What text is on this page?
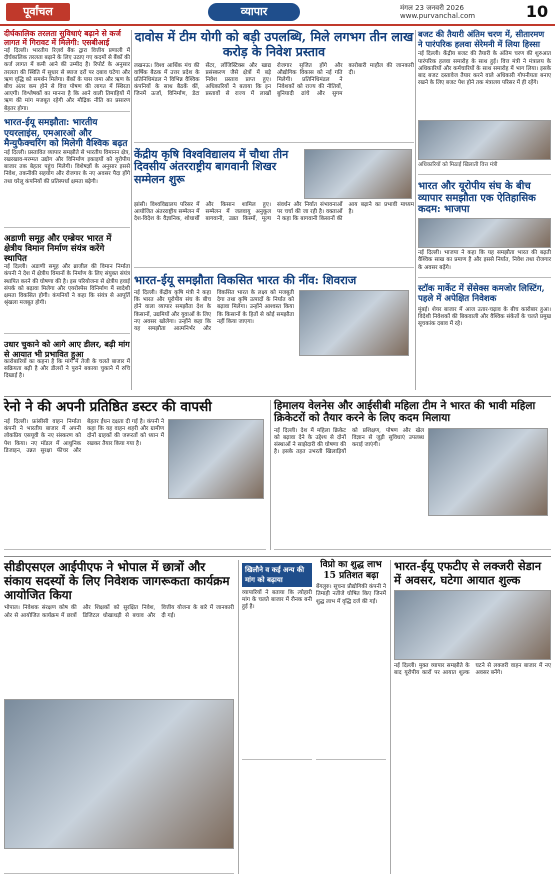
पूर्वांचल	व्यापार	मंगल 23 जनवरी 2026
www.purvanchal.com	10
दीर्घकालिक तरलता सुविधाएं बढ़ाने से कर्ज लागत में गिरावट में मिलेगी: एसबीआई
नई दिल्ली। भारतीय रिज़र्व बैंक द्वारा वित्तीय प्रणाली में दीर्घकालिक तरलता बढ़ाने के लिए उठाए गए कदमों से बैंकों की कर्ज लागत में कमी आने की उम्मीद है। रिपोर्ट के अनुसार तरलता की स्थिति में सुधार से ब्याज दरों पर दबाव घटेगा और ऋण वृद्धि को समर्थन मिलेगा। बैंकों के पास जमा और ऋण के बीच अंतर कम होने से वित्त पोषण की लागत में स्थिरता आएगी। विश्लेषकों का मानना है कि आने वाली तिमाहियों में ऋण की मांग मजबूत रहेगी और मौद्रिक नीति का प्रसारण बेहतर होगा।
भारत-ईयू समझौता: भारतीय एयरलाइंस, एमआरओ और मैन्युफैक्चरिंग को मिलेगी वैश्विक बढ़त
नई दिल्ली। प्रस्तावित व्यापार समझौते से भारतीय विमानन क्षेत्र, रखरखाव-मरम्मत उद्योग और विनिर्माण इकाइयों को यूरोपीय बाजार तक बेहतर पहुंच मिलेगी। विशेषज्ञों के अनुसार इससे निवेश, तकनीकी सहयोग और रोजगार के नए अवसर पैदा होंगे तथा घरेलू कंपनियों की प्रतिस्पर्धा क्षमता बढ़ेगी।
अडाणी समूह और एम्ब्रेयर भारत में क्षेत्रीय विमान निर्माण संयंत्र करेंगे स्थापित
नई दिल्ली। अडाणी समूह और ब्राजील की विमान निर्माता कंपनी ने देश में क्षेत्रीय विमानों के निर्माण के लिए संयुक्त संयंत्र स्थापित करने की घोषणा की है। इस परियोजना से क्षेत्रीय हवाई संपर्क को बढ़ावा मिलेगा और एयरोस्पेस विनिर्माण में स्वदेशी क्षमता विकसित होगी। कंपनियों ने कहा कि संयंत्र से आपूर्ति श्रृंखला मजबूत होगी।
उधार चुकाने को आगे आए डीलर, बढ़ी मांग से आयात भी प्रभावित हुआ
कारोबारियों का कहना है कि मांग में तेजी के चलते बाजार में सक्रियता बढ़ी है और डीलरों ने पुराने बकाया चुकाने में रुचि दिखाई है।
दावोस में टीम योगी को बड़ी उपलब्धि, मिले लगभग तीन लाख करोड़ के निवेश प्रस्ताव
लखनऊ। विश्व आर्थिक मंच की वार्षिक बैठक में उत्तर प्रदेश के प्रतिनिधिमंडल ने विभिन्न वैश्विक कंपनियों के साथ बैठकें कीं, जिनमें ऊर्जा, विनिर्माण, डेटा सेंटर, लॉजिस्टिक्स और खाद्य प्रसंस्करण जैसे क्षेत्रों में बड़े निवेश प्रस्ताव प्राप्त हुए। अधिकारियों ने बताया कि इन प्रस्तावों से राज्य में लाखों रोजगार सृजित होंगे और औद्योगिक विकास को नई गति मिलेगी। प्रतिनिधिमंडल ने निवेशकों को राज्य की नीतियों, बुनियादी ढांचे और सुगम कारोबारी माहौल की जानकारी दी।
केंद्रीय कृषि विश्वविद्यालय में चौथा तीन दिवसीय अंतरराष्ट्रीय बागवानी शिखर सम्मेलन शुरू
झांसी। विश्वविद्यालय परिसर में आयोजित अंतरराष्ट्रीय सम्मेलन में देश-विदेश के वैज्ञानिक, शोधार्थी और किसान शामिल हुए। सम्मेलन में जलवायु अनुकूल बागवानी, उन्नत किस्मों, मूल्य संवर्धन और निर्यात संभावनाओं पर चर्चा की जा रही है। वक्ताओं ने कहा कि बागवानी किसानों की आय बढ़ाने का प्रभावी माध्यम है।
भारत-ईयू समझौता विकसित भारत की नींव: शिवराज
नई दिल्ली। केंद्रीय कृषि मंत्री ने कहा कि भारत और यूरोपीय संघ के बीच होने वाला व्यापार समझौता देश के किसानों, उद्यमियों और युवाओं के लिए नए अवसर खोलेगा। उन्होंने कहा कि यह समझौता आत्मनिर्भर और विकसित भारत के लक्ष्य को मजबूती देगा तथा कृषि उत्पादों के निर्यात को बढ़ावा मिलेगा। उन्होंने आश्वस्त किया कि किसानों के हितों से कोई समझौता नहीं किया जाएगा।
बजट की तैयारी अंतिम चरण में, सीतारमण ने पारंपरिक हलवा सेरेमनी में लिया हिस्सा
नई दिल्ली। केंद्रीय बजट की तैयारी के अंतिम चरण की शुरुआत पारंपरिक हलवा समारोह के साथ हुई। वित्त मंत्री ने मंत्रालय के अधिकारियों और कर्मचारियों के साथ समारोह में भाग लिया। इसके बाद बजट दस्तावेज तैयार करने वाले अधिकारी गोपनीयता बनाए रखने के लिए बजट पेश होने तक मंत्रालय परिसर में ही रहेंगे।
अधिकारियों को मिठाई खिलाती वित्त मंत्री
भारत और यूरोपीय संघ के बीच व्यापार समझौता एक ऐतिहासिक कदम: भाजपा
नई दिल्ली। भाजपा ने कहा कि यह समझौता भारत की बढ़ती वैश्विक साख का प्रमाण है और इससे निर्यात, निवेश तथा रोजगार के अवसर बढ़ेंगे।
स्टॉक मार्केट में सेंसेक्स कमजोर लिस्टिंग, पहले में अपेक्षित निवेशक
मुंबई। शेयर बाजार में आज उतार-चढ़ाव के बीच कारोबार हुआ। विदेशी निवेशकों की बिकवाली और वैश्विक संकेतों के चलते प्रमुख सूचकांक दबाव में रहे।
रेनो ने की अपनी प्रतिष्ठित डस्टर की वापसी
नई दिल्ली। फ्रांसीसी वाहन निर्माता कंपनी ने भारतीय बाजार में अपनी लोकप्रिय एसयूवी के नए संस्करण को पेश किया। नए मॉडल में आधुनिक डिजाइन, उन्नत सुरक्षा फीचर और बेहतर ईंधन दक्षता दी गई है। कंपनी ने कहा कि यह वाहन शहरी और ग्रामीण दोनों ग्राहकों की जरूरतों को ध्यान में रखकर तैयार किया गया है।
हिमालय वेलनेस और आईसीबी महिला टीम ने भारत की भावी महिला क्रिकेटरों को तैयार करने के लिए कदम मिलाया
नई दिल्ली। देश में महिला क्रिकेट को बढ़ावा देने के उद्देश्य से दोनों संस्थाओं ने साझेदारी की घोषणा की है। इसके तहत उभरती खिलाड़ियों को प्रशिक्षण, पोषण और खेल विज्ञान से जुड़ी सुविधाएं उपलब्ध कराई जाएंगी।
सीडीएसएल आईपीएफ ने भोपाल में छात्रों और संकाय सदस्यों के लिए निवेशक जागरूकता कार्यक्रम आयोजित किया
भोपाल। निवेशक संरक्षण कोष की ओर से आयोजित कार्यक्रम में छात्रों और शिक्षकों को सुरक्षित निवेश, डिजिटल धोखाधड़ी से बचाव और वित्तीय योजना के बारे में जानकारी दी गई।
खिलौने व कई अन्य की मांग को बढ़ाया
व्यापारियों ने बताया कि त्योहारी मांग के चलते बाजार में रौनक बनी हुई है।
विप्रो का शुद्ध लाभ 15 प्रतिशत बढ़ा
बेंगलुरु। सूचना प्रौद्योगिकी कंपनी ने तिमाही नतीजे घोषित किए जिनमें शुद्ध लाभ में वृद्धि दर्ज की गई।
भारत-ईयू एफटीए से लक्जरी सेडान में अवसर, घटेगा आयात शुल्क
नई दिल्ली। मुक्त व्यापार समझौते के बाद यूरोपीय कारों पर आयात शुल्क घटने से लक्जरी वाहन बाजार में नए अवसर बनेंगे।
